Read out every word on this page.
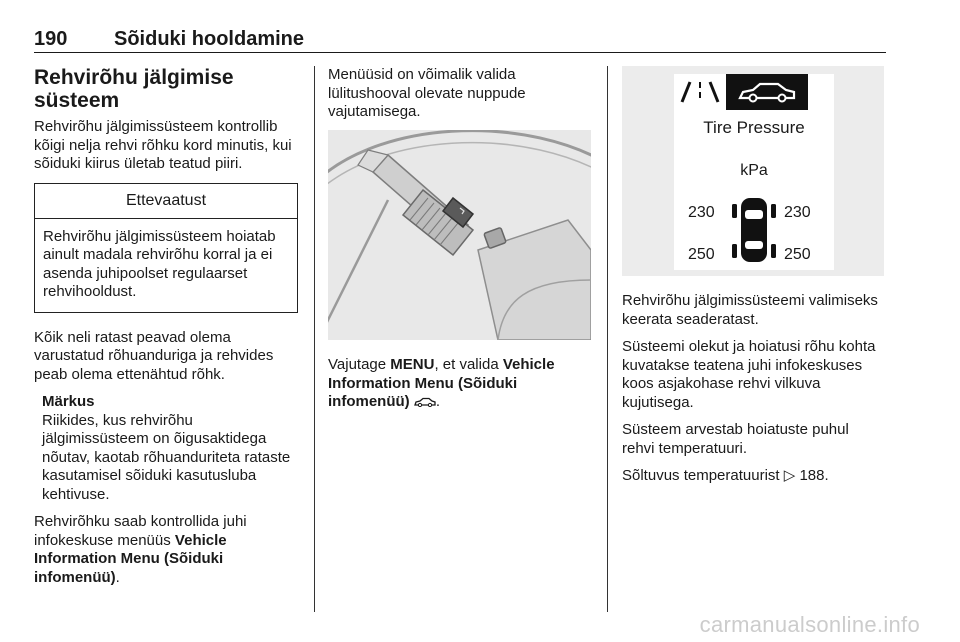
190 Sõiduki hooldamine
Rehvirõhu jälgimise süsteem

Rehvirõhu jälgimissüsteem kontrollib kõigi nelja rehvi rõhku kord minutis, kui sõiduki kiirus ületab teatud piiri.

Ettevaatust
Rehvirõhu jälgimissüsteem hoiatab ainult madala rehvirõhu korral ja ei asenda juhipoolset regulaarset rehvihooldust.

Kõik neli ratast peavad olema varustatud rõhuanduriga ja rehvides peab olema ettenähtud rõhk.

Märkus
Riikides, kus rehvirõhu jälgimissüsteem on õigusaktidega nõutav, kaotab rõhuanduriteta rataste kasutamisel sõiduki kasutusluba kehtivuse.

Rehvirõhku saab kontrollida juhi infokeskuse menüüs Vehicle Information Menu (Sõiduki infomenüü).

Menüüsid on võimalik valida lülitushooval olevate nuppude vajutamisega.

Vajutage MENU, et valida Vehicle Information Menu (Sõiduki infomenüü) .

Tire Pressure
kPa
230	230
250	250

Rehvirõhu jälgimissüsteemi valimiseks keerata seaderatast.

Süsteemi olekut ja hoiatusi rõhu kohta kuvatakse teatena juhi infokeskuses koos asjakohase rehvi vilkuva kujutisega.

Süsteem arvestab hoiatuste puhul rehvi temperatuuri.

Sõltuvus temperatuurist ▷ 188.

carmanualsonline.info
